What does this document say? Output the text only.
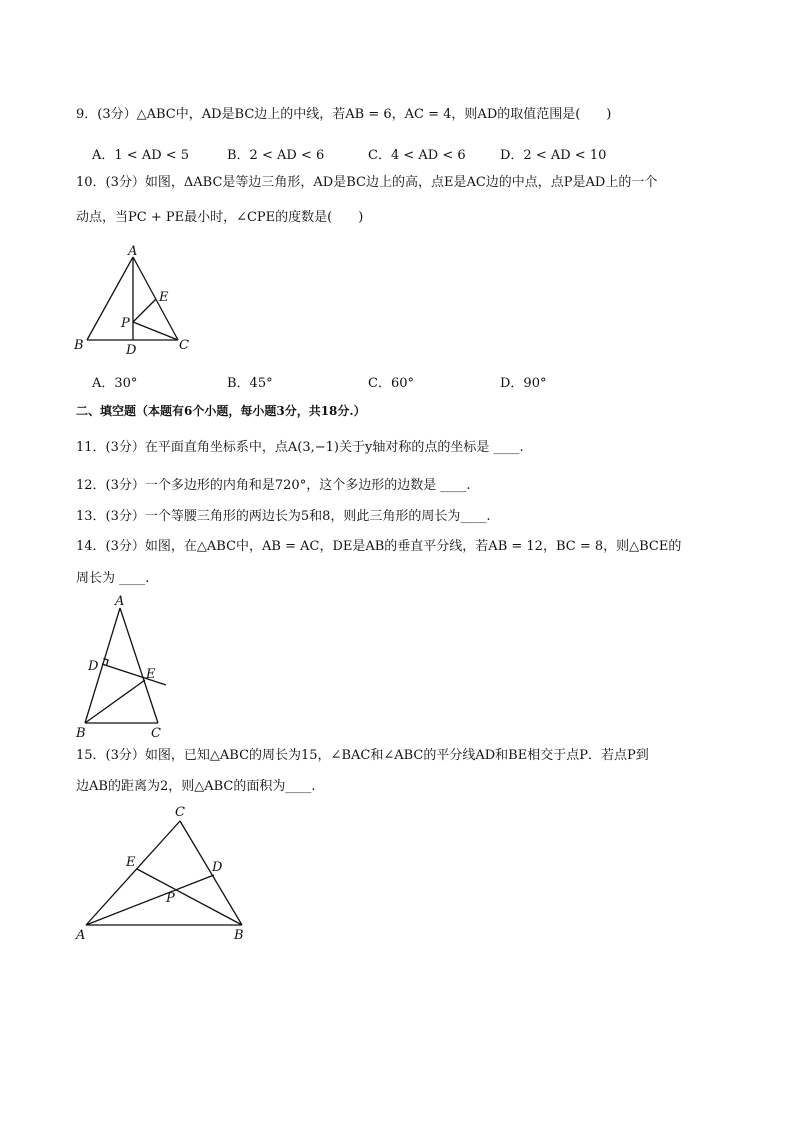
9．(3分）△ABC中，AD是BC边上的中线，若AB = 6，AC = 4，则AD的取值范围是(　　)
A．1 < AD < 5	B．2 < AD < 6	C．4 < AD < 6	D．2 < AD < 10
10．(3分）如图，ΔABC是等边三角形，AD是BC边上的高，点E是AC边的中点，点P是AD上的一个
动点，当PC + PE最小时，∠CPE的度数是(　　)
A
B	C
D
E
P
A．30°	B．45°	C．60°	D．90°
二、填空题（本题有6个小题，每小题3分，共18分.）
11．(3分）在平面直角坐标系中，点A(3,−1)关于y轴对称的点的坐标是 ____.
12．(3分）一个多边形的内角和是720°，这个多边形的边数是 ____.
13．(3分）一个等腰三角形的两边长为5和8，则此三角形的周长为____.
14．(3分）如图，在△ABC中，AB = AC，DE是AB的垂直平分线，若AB = 12，BC = 8，则△BCE的
周长为 ____.
A
B	C
D
E
15．(3分）如图，已知△ABC的周长为15，∠BAC和∠ABC的平分线AD和BE相交于点P．若点P到
边AB的距离为2，则△ABC的面积为____.
A	B
C
D
E
P
